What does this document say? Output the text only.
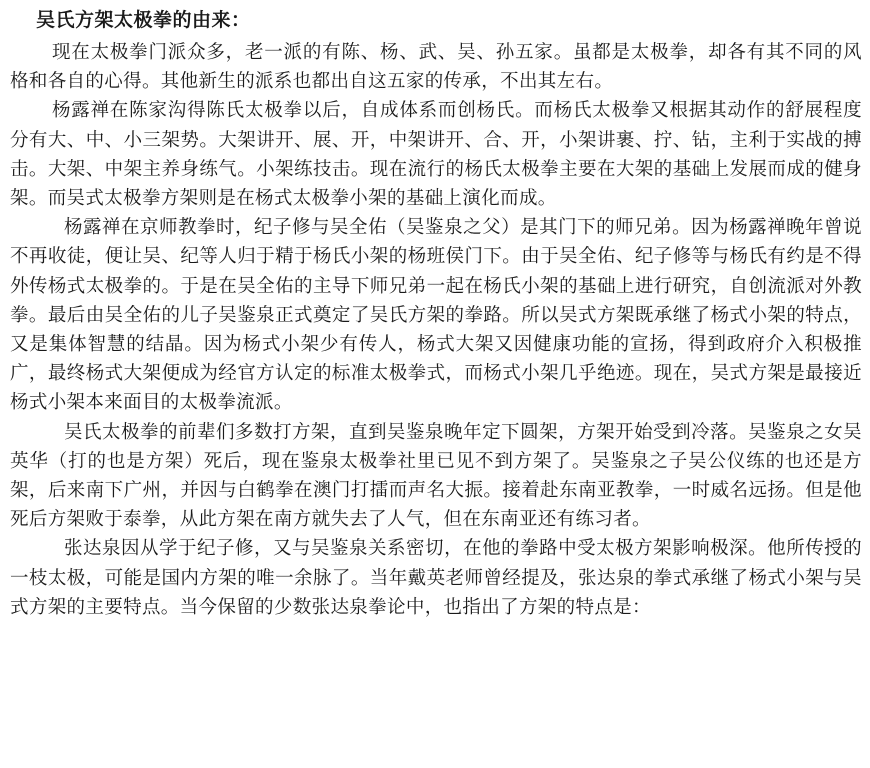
吴氏方架太极拳的由来：

现在太极拳门派众多，老一派的有陈、杨、武、吴、孙五家。虽都是太极拳，却各有其不同的风格和各自的心得。其他新生的派系也都出自这五家的传承，不出其左右。

杨露禅在陈家沟得陈氏太极拳以后，自成体系而创杨氏。而杨氏太极拳又根据其动作的舒展程度分有大、中、小三架势。大架讲开、展、开，中架讲开、合、开，小架讲裹、拧、钻，主利于实战的搏击。大架、中架主养身练气。小架练技击。现在流行的杨氏太极拳主要在大架的基础上发展而成的健身架。而吴式太极拳方架则是在杨式太极拳小架的基础上演化而成。

杨露禅在京师教拳时，纪子修与吴全佑（吴鉴泉之父）是其门下的师兄弟。因为杨露禅晚年曾说不再收徒，便让吴、纪等人归于精于杨氏小架的杨班侯门下。由于吴全佑、纪子修等与杨氏有约是不得外传杨式太极拳的。于是在吴全佑的主导下师兄弟一起在杨氏小架的基础上进行研究，自创流派对外教拳。最后由吴全佑的儿子吴鉴泉正式奠定了吴氏方架的拳路。所以吴式方架既承继了杨式小架的特点，又是集体智慧的结晶。因为杨式小架少有传人，杨式大架又因健康功能的宣扬，得到政府介入积极推广，最终杨式大架便成为经官方认定的标准太极拳式，而杨式小架几乎绝迹。现在，吴式方架是最接近杨式小架本来面目的太极拳流派。

吴氏太极拳的前辈们多数打方架，直到吴鉴泉晚年定下圆架，方架开始受到冷落。吴鉴泉之女吴英华（打的也是方架）死后，现在鉴泉太极拳社里已见不到方架了。吴鉴泉之子吴公仪练的也还是方架，后来南下广州，并因与白鹤拳在澳门打擂而声名大振。接着赴东南亚教拳，一时威名远扬。但是他死后方架败于泰拳，从此方架在南方就失去了人气，但在东南亚还有练习者。

张达泉因从学于纪子修，又与吴鉴泉关系密切，在他的拳路中受太极方架影响极深。他所传授的一枝太极，可能是国内方架的唯一余脉了。当年戴英老师曾经提及，张达泉的拳式承继了杨式小架与吴式方架的主要特点。当今保留的少数张达泉拳论中，也指出了方架的特点是：
